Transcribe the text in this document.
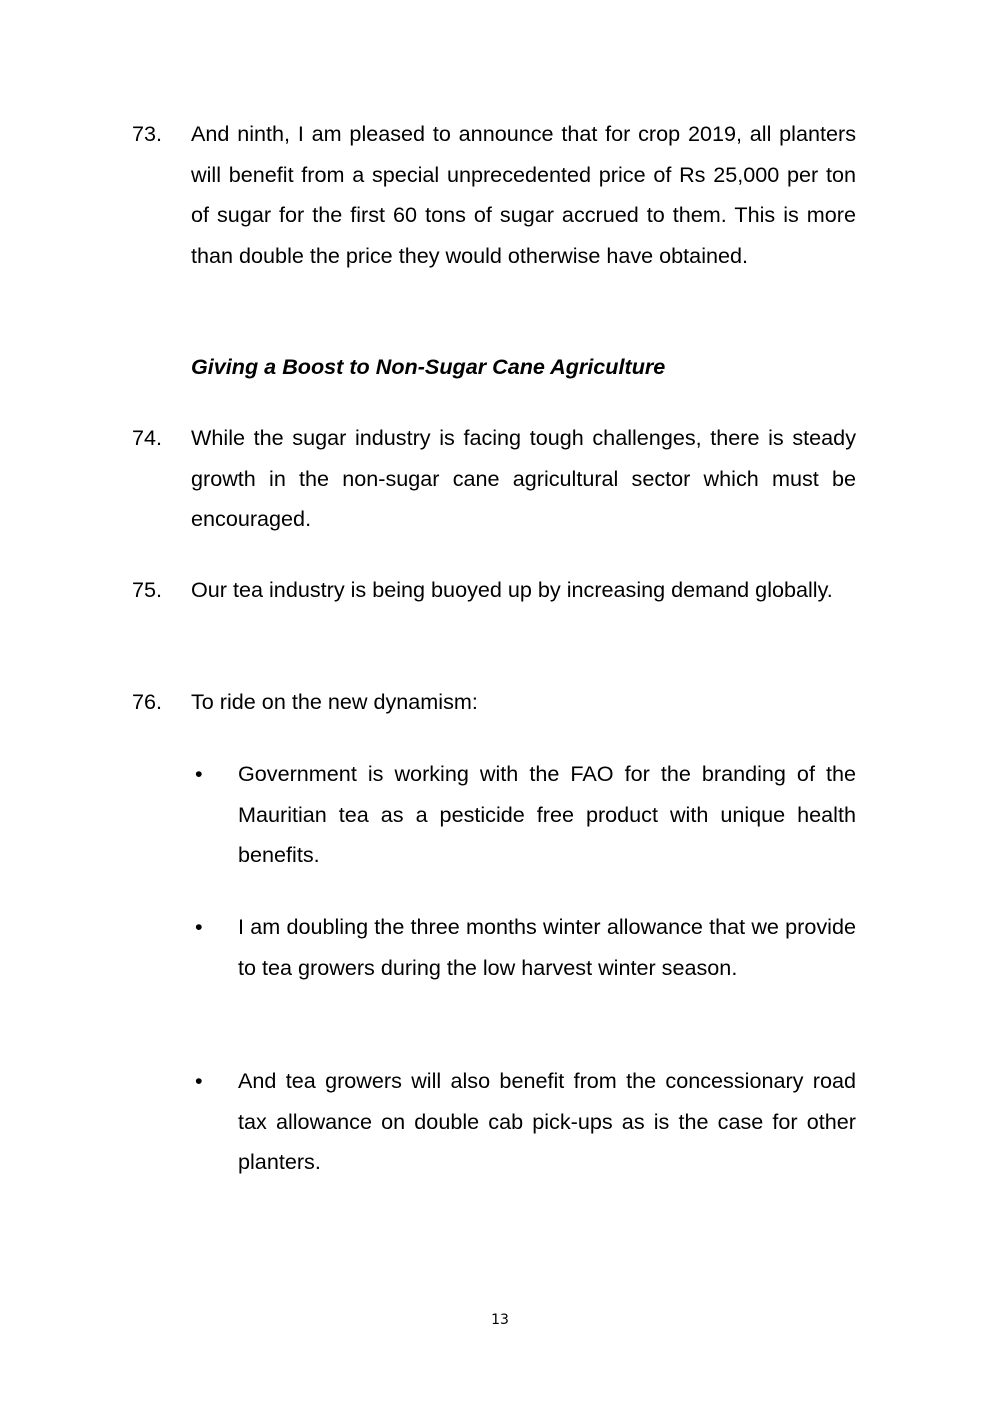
73.	And ninth, I am pleased to announce that for crop 2019, all planters will benefit from a special unprecedented price of Rs 25,000 per ton of sugar for the first 60 tons of sugar accrued to them. This is more than double the price they would otherwise have obtained.
Giving a Boost to Non-Sugar Cane Agriculture
74.	While the sugar industry is facing tough challenges, there is steady growth in the non-sugar cane agricultural sector which must be encouraged.
75.	Our tea industry is being buoyed up by increasing demand globally.
76.	To ride on the new dynamism:
•	Government is working with the FAO for the branding of the Mauritian tea as a pesticide free product with unique health benefits.
•	I am doubling the three months winter allowance that we provide to tea growers during the low harvest winter season.
•	And tea growers will also benefit from the concessionary road tax allowance on double cab pick-ups as is the case for other planters.
13
